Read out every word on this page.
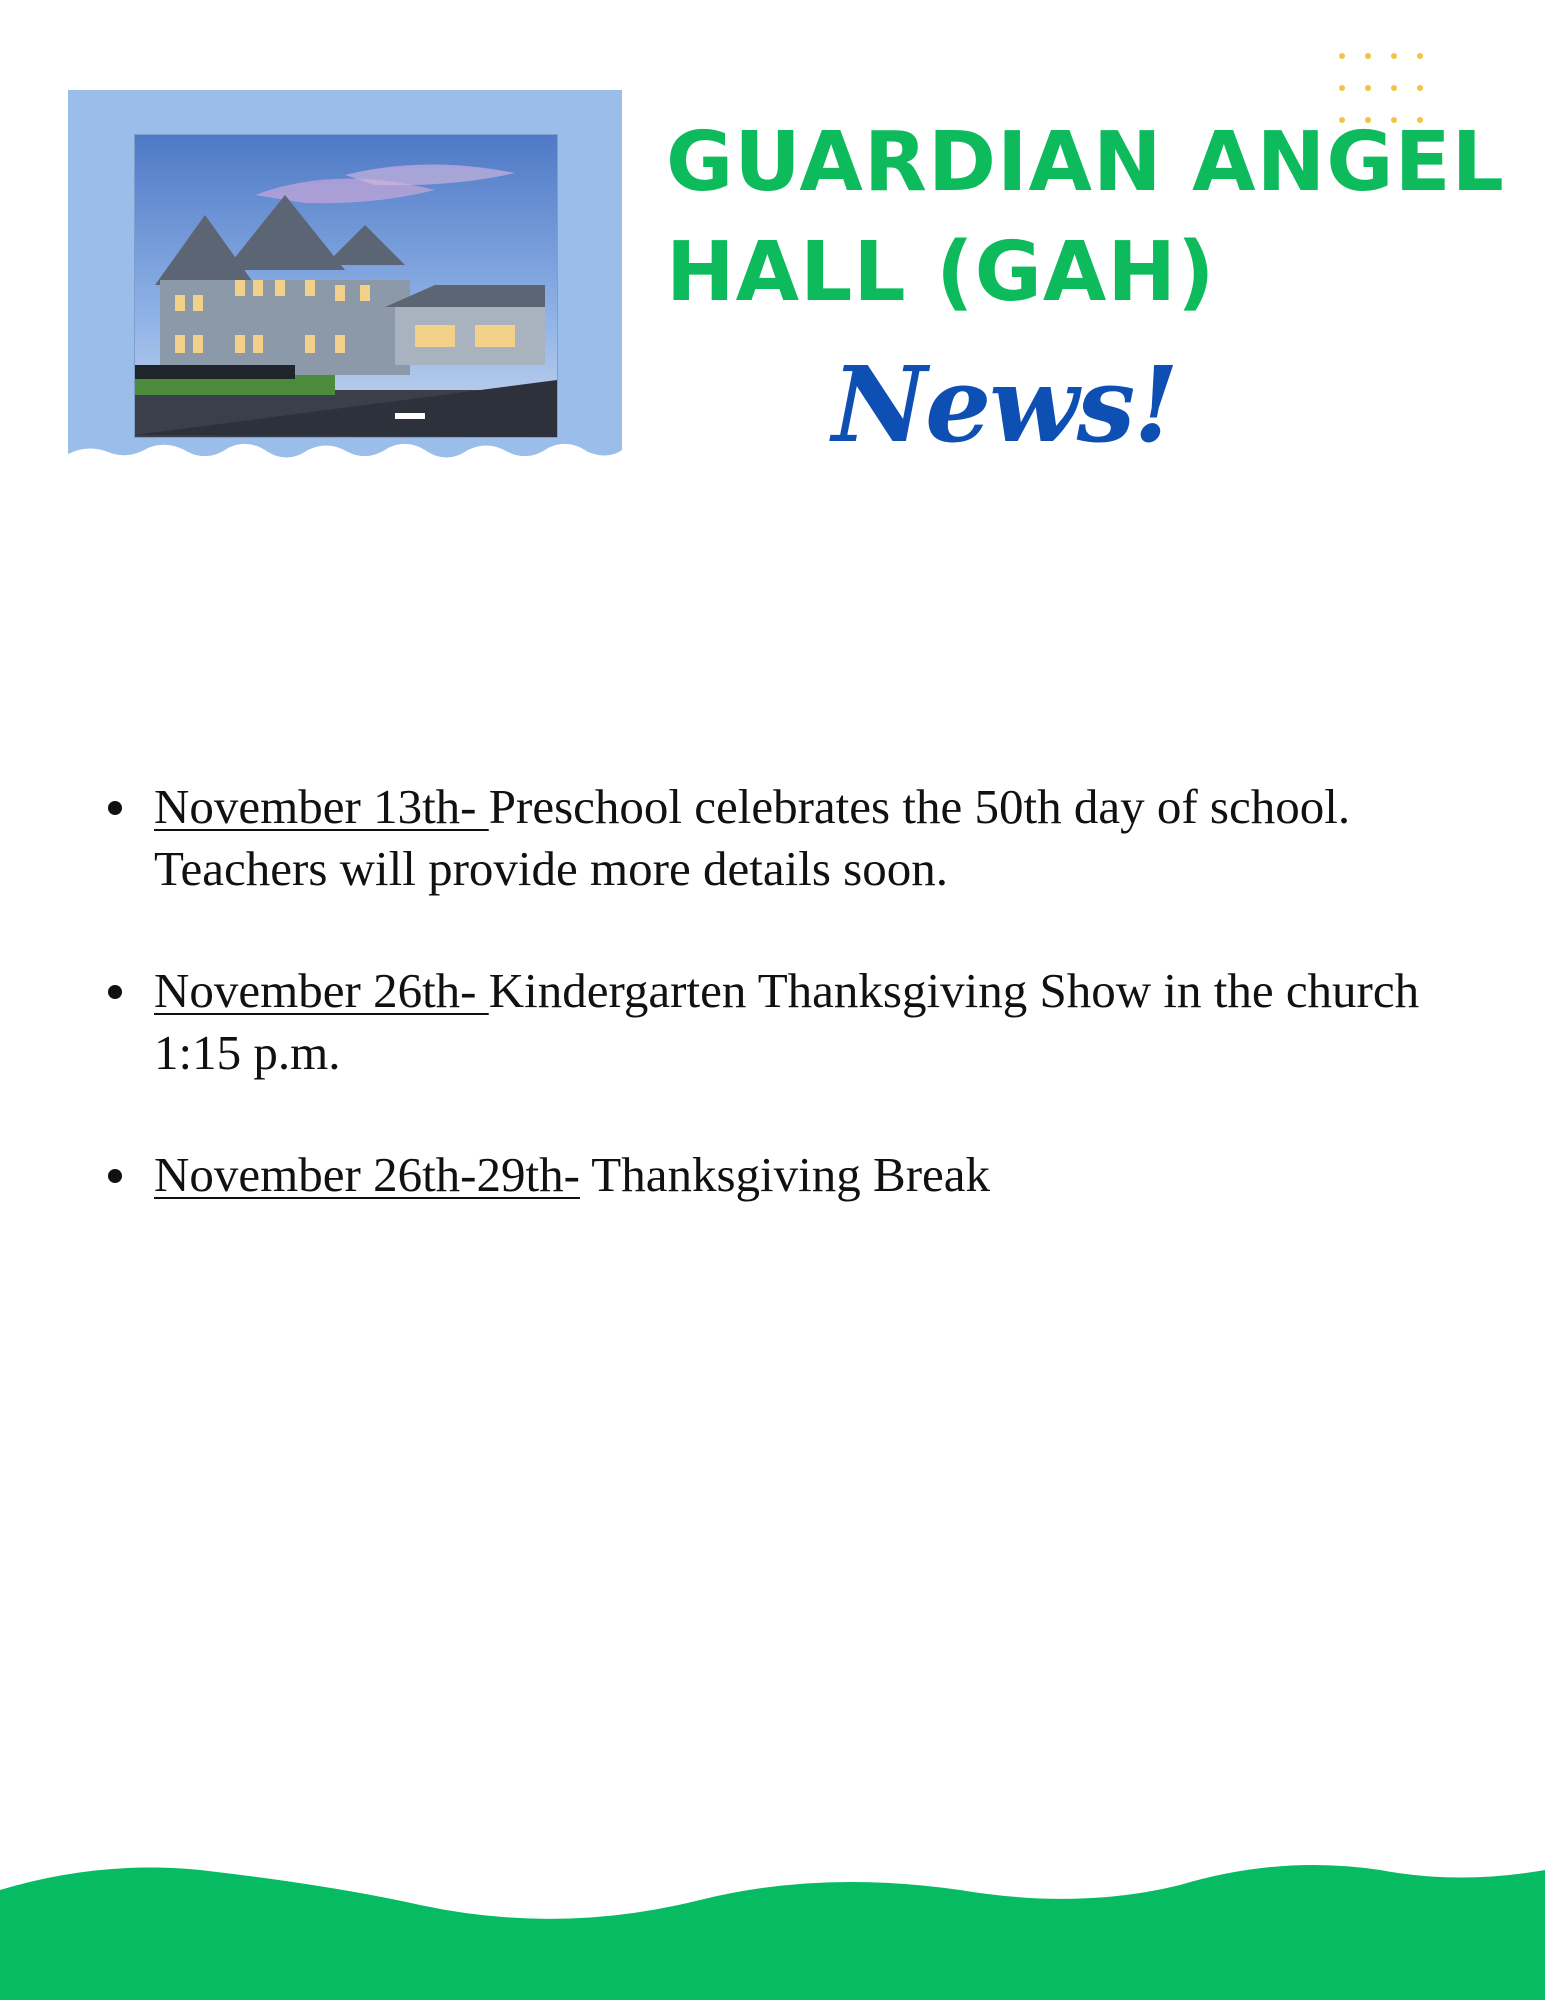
GUARDIAN ANGEL
HALL (GAH)
News!
November 13th- Preschool celebrates the 50th day of school. Teachers will provide more details soon.
November 26th- Kindergarten Thanksgiving Show in the church 1:15 p.m.
November 26th-29th- Thanksgiving Break
